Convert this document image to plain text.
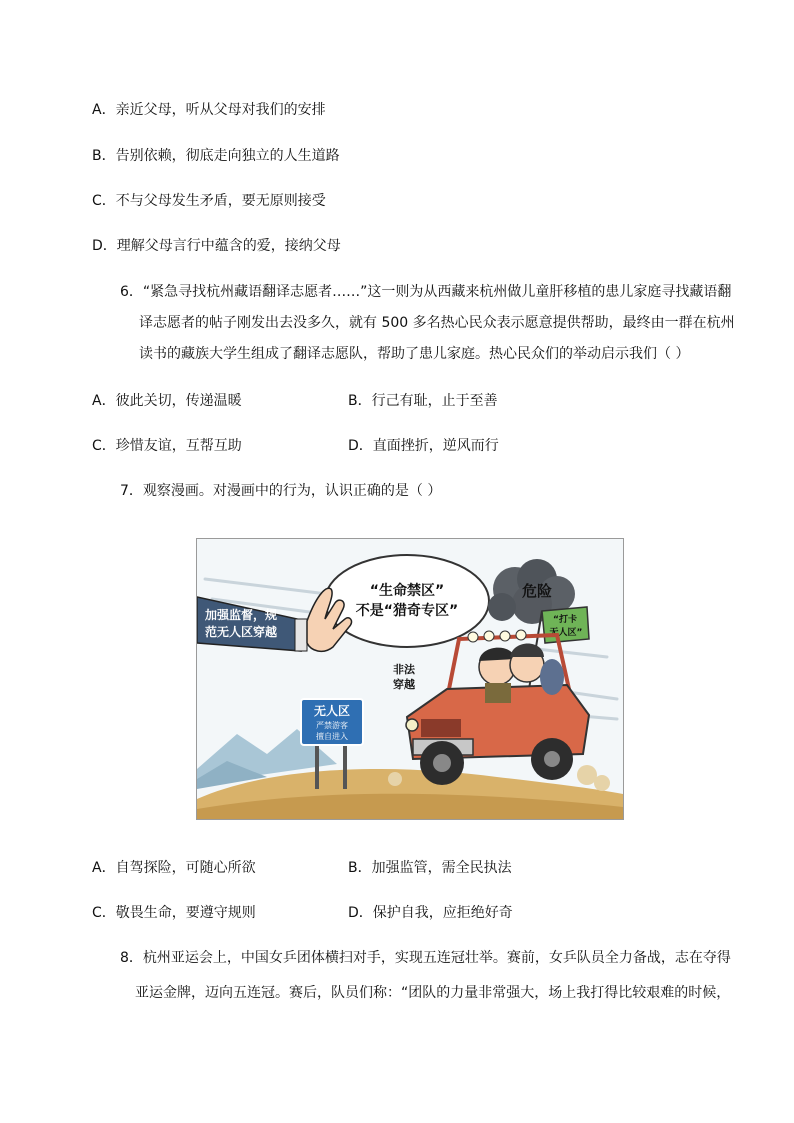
A．亲近父母，听从父母对我们的安排
B．告别依赖，彻底走向独立的人生道路
C．不与父母发生矛盾，要无原则接受
D．理解父母言行中蕴含的爱，接纳父母
6．“紧急寻找杭州藏语翻译志愿者……”这一则为从西藏来杭州做儿童肝移植的患儿家庭寻找藏语翻
译志愿者的帖子刚发出去没多久，就有 500 多名热心民众表示愿意提供帮助，最终由一群在杭州
读书的藏族大学生组成了翻译志愿队，帮助了患儿家庭。热心民众们的举动启示我们（ ）
A．彼此关切，传递温暖	B．行己有耻，止于至善
C．珍惜友谊，互帮互助	D．直面挫折，逆风而行
7．观察漫画。对漫画中的行为，认识正确的是（ ）
“生命禁区”
不是“猎奇专区”
加强监督，规
范无人区穿越
危险
“打卡
无人区”
非法
穿越
无人区
严禁游客
擅自进入
A．自驾探险，可随心所欲	B．加强监管，需全民执法
C．敬畏生命，要遵守规则	D．保护自我，应拒绝好奇
8．杭州亚运会上，中国女乒团体横扫对手，实现五连冠壮举。赛前，女乒队员全力备战，志在夺得
亚运金牌，迈向五连冠。赛后，队员们称：“团队的力量非常强大，场上我打得比较艰难的时候，
